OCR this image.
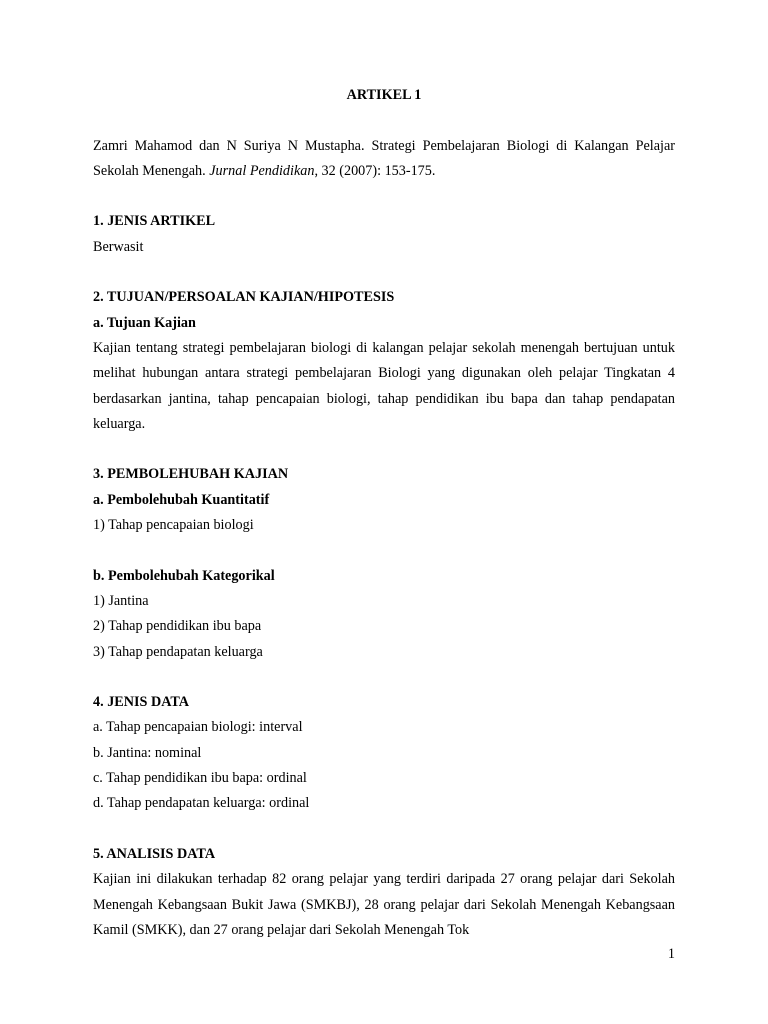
ARTIKEL 1

Zamri Mahamod dan N Suriya N Mustapha. Strategi Pembelajaran Biologi di Kalangan Pelajar Sekolah Menengah. Jurnal Pendidikan, 32 (2007): 153-175.

1. JENIS ARTIKEL

Berwasit

2. TUJUAN/PERSOALAN KAJIAN/HIPOTESIS

a. Tujuan Kajian

Kajian tentang strategi pembelajaran biologi di kalangan pelajar sekolah menengah bertujuan untuk melihat hubungan antara strategi pembelajaran Biologi yang digunakan oleh pelajar Tingkatan 4 berdasarkan jantina, tahap pencapaian biologi, tahap pendidikan ibu bapa dan tahap pendapatan keluarga.

3. PEMBOLEHUBAH KAJIAN

a. Pembolehubah Kuantitatif

1) Tahap pencapaian biologi

b. Pembolehubah Kategorikal

1) Jantina

2) Tahap pendidikan ibu bapa

3) Tahap pendapatan keluarga

4. JENIS DATA

a. Tahap pencapaian biologi: interval

b. Jantina: nominal

c. Tahap pendidikan ibu bapa: ordinal

d. Tahap pendapatan keluarga: ordinal

5. ANALISIS DATA

Kajian ini dilakukan terhadap 82 orang pelajar yang terdiri daripada 27 orang pelajar dari Sekolah Menengah Kebangsaan Bukit Jawa (SMKBJ), 28 orang pelajar dari Sekolah Menengah Kebangsaan Kamil (SMKK), dan 27 orang pelajar dari Sekolah Menengah Tok

1
